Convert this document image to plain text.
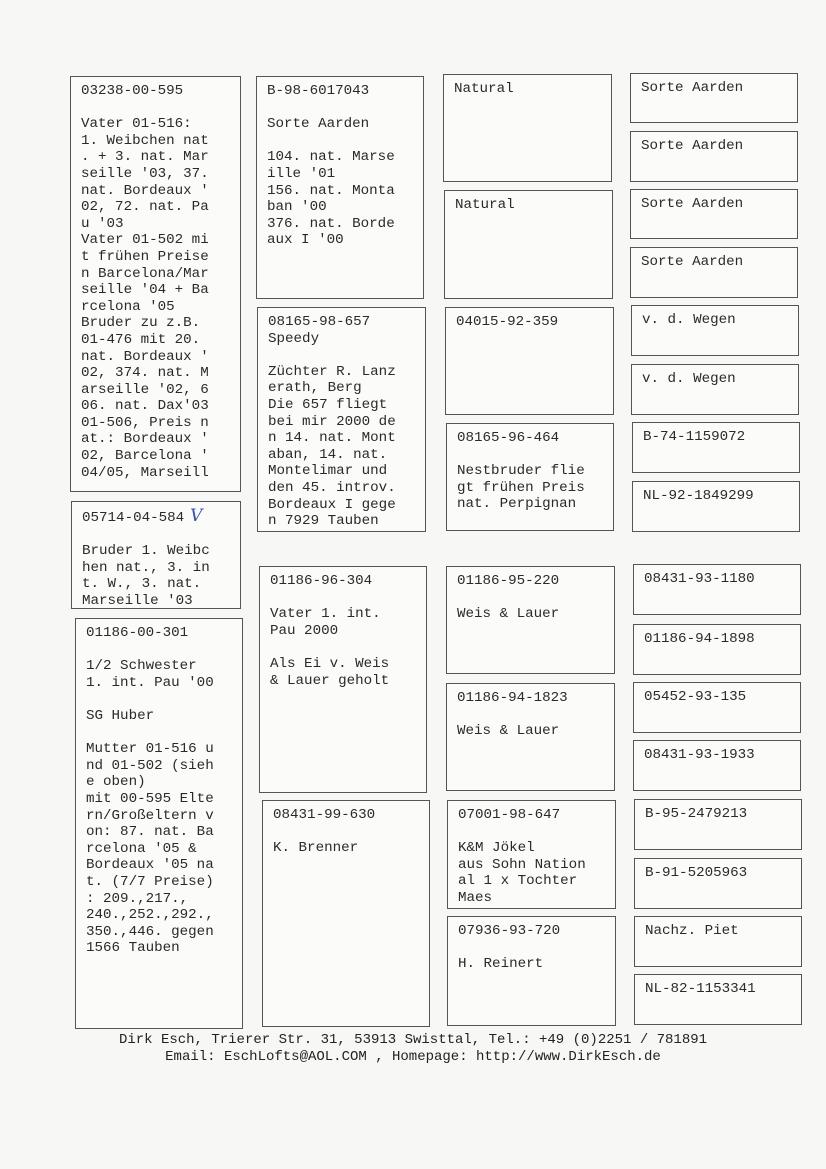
03238-00-595
Vater 01-516:
1. Weibchen nat
. + 3. nat. Mar
seille '03, 37.
nat. Bordeaux '
02, 72. nat. Pa
u '03
Vater 01-502 mi
t frühen Preise
n Barcelona/Mar
seille '04 + Ba
rcelona '05
Bruder zu z.B.
01-476 mit 20.
nat. Bordeaux '
02, 374. nat. M
arseille '02, 6
06. nat. Dax'03
01-506, Preis n
at.: Bordeaux '
02, Barcelona '
04/05, Marseill
05714-04-584 V
Bruder 1. Weibc
hen nat., 3. in
t. W., 3. nat.
Marseille '03
01186-00-301
1/2 Schwester
1. int. Pau '00
SG Huber
Mutter 01-516 u
nd 01-502 (sieh
e oben)
mit 00-595 Elte
rn/Großeltern v
on: 87. nat. Ba
rcelona '05 &
Bordeaux '05 na
t. (7/7 Preise)
: 209.,217.,
240.,252.,292.,
350.,446. gegen
1566 Tauben
B-98-6017043
Sorte Aarden
104. nat. Marse
ille '01
156. nat. Monta
ban '00
376. nat. Borde
aux I '00
08165-98-657
Speedy
Züchter R. Lanz
erath, Berg
Die 657 fliegt
bei mir 2000 de
n 14. nat. Mont
aban, 14. nat.
Montelimar und
den 45. introv.
Bordeaux I gege
n 7929 Tauben
01186-96-304
Vater 1. int.
Pau 2000
Als Ei v. Weis
& Lauer geholt
08431-99-630
K. Brenner
Natural
Natural
04015-92-359
08165-96-464
Nestbruder flie
gt frühen Preis
nat. Perpignan
01186-95-220
Weis & Lauer
01186-94-1823
Weis & Lauer
07001-98-647
K&M Jökel
aus Sohn Nation
al 1 x Tochter
Maes
07936-93-720
H. Reinert
Sorte Aarden
Sorte Aarden
Sorte Aarden
Sorte Aarden
v. d. Wegen
v. d. Wegen
B-74-1159072
NL-92-1849299
08431-93-1180
01186-94-1898
05452-93-135
08431-93-1933
B-95-2479213
B-91-5205963
Nachz. Piet
NL-82-1153341
Dirk Esch, Trierer Str. 31, 53913 Swisttal, Tel.: +49 (0)2251 / 781891
Email: EschLofts@AOL.COM , Homepage: http://www.DirkEsch.de
